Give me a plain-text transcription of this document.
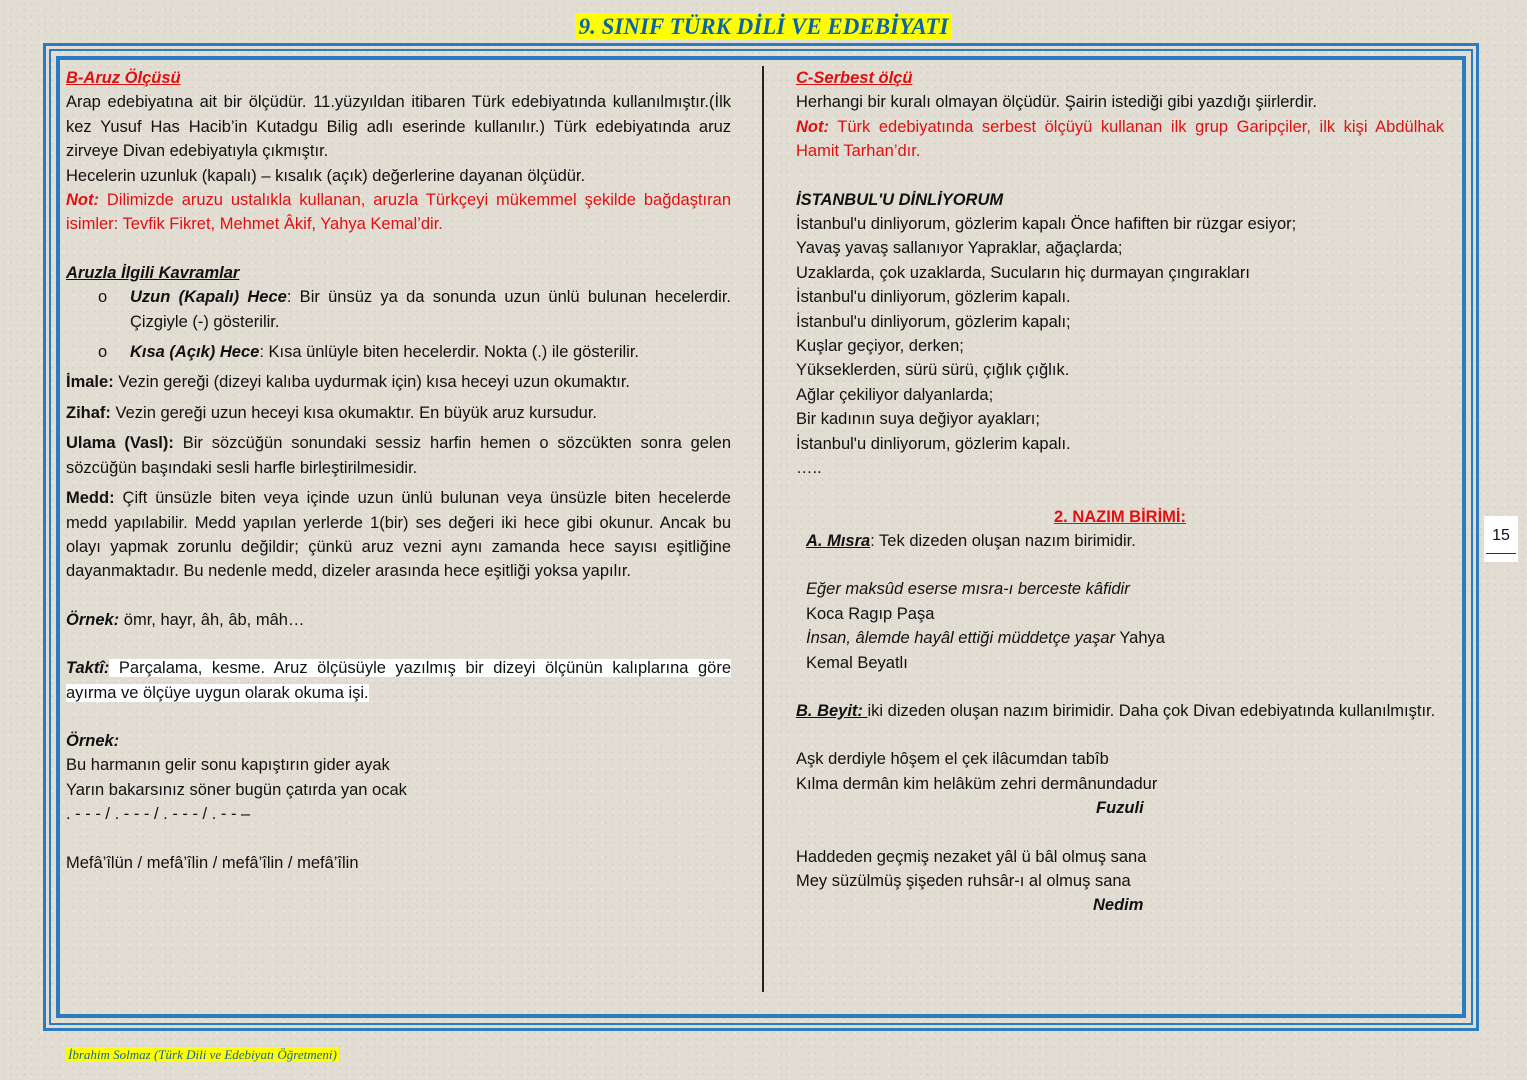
9. SINIF TÜRK DİLİ VE EDEBİYATI

B-Aruz Ölçüsü

Arap edebiyatına ait bir ölçüdür. 11.yüzyıldan itibaren Türk edebiyatında kullanılmıştır.(İlk kez Yusuf Has Hacib’in Kutadgu Bilig adlı eserinde kullanılır.) Türk edebiyatında aruz zirveye Divan edebiyatıyla çıkmıştır.

Hecelerin uzunluk (kapalı) – kısalık (açık) değerlerine dayanan ölçüdür.

Not: Dilimizde aruzu ustalıkla kullanan, aruzla Türkçeyi mükemmel şekilde bağdaştıran isimler: Tevfik Fikret, Mehmet Âkif, Yahya Kemal’dir.

Aruzla İlgili Kavramlar

o	Uzun (Kapalı) Hece: Bir ünsüz ya da sonunda uzun ünlü bulunan hecelerdir. Çizgiyle (-) gösterilir.
o	Kısa (Açık) Hece: Kısa ünlüyle biten hecelerdir. Nokta (.) ile gösterilir.

İmale: Vezin gereği (dizeyi kalıba uydurmak için) kısa heceyi uzun okumaktır.

Zihaf: Vezin gereği uzun heceyi kısa okumaktır. En büyük aruz kursudur.

Ulama (Vasl): Bir sözcüğün sonundaki sessiz harfin hemen o sözcükten sonra gelen sözcüğün başındaki sesli harfle birleştirilmesidir.

Medd: Çift ünsüzle biten veya içinde uzun ünlü bulunan veya ünsüzle biten hecelerde medd yapılabilir. Medd yapılan yerlerde 1(bir) ses değeri iki hece gibi okunur. Ancak bu olayı yapmak zorunlu değildir; çünkü aruz vezni aynı zamanda hece sayısı eşitliğine dayanmaktadır. Bu nedenle medd, dizeler arasında hece eşitliği yoksa yapılır.

Örnek: ömr, hayr, âh, âb, mâh…

Taktî: Parçalama, kesme. Aruz ölçüsüyle yazılmış bir dizeyi ölçünün kalıplarına göre ayırma ve ölçüye uygun olarak okuma işi.

Örnek:

Bu harmanın gelir sonu kapıştırın gider ayak

Yarın bakarsınız söner bugün çatırda yan ocak

. - - - / . - - - / . - - - / . - - –

Mefâ’îlün / mefâ’îlin / mefâ’îlin / mefâ’îlin

C-Serbest ölçü

Herhangi bir kuralı olmayan ölçüdür. Şairin istediği gibi yazdığı şiirlerdir.

Not: Türk edebiyatında serbest ölçüyü kullanan ilk grup Garipçiler, ilk kişi Abdülhak Hamit Tarhan’dır.

İSTANBUL'U DİNLİYORUM

İstanbul'u dinliyorum, gözlerim kapalı Önce hafiften bir rüzgar esiyor;

Yavaş yavaş sallanıyor Yapraklar, ağaçlarda;

Uzaklarda, çok uzaklarda, Sucuların hiç durmayan çıngırakları

İstanbul'u dinliyorum, gözlerim kapalı.

İstanbul'u dinliyorum, gözlerim kapalı;

Kuşlar geçiyor, derken;

Yükseklerden, sürü sürü, çığlık çığlık.

Ağlar çekiliyor dalyanlarda;

Bir kadının suya değiyor ayakları;

İstanbul'u dinliyorum, gözlerim kapalı.

…..

2. NAZIM BİRİMİ:

A. Mısra: Tek dizeden oluşan nazım birimidir.

Eğer maksûd eserse mısra-ı berceste kâfidir

Koca Ragıp Paşa

İnsan, âlemde hayâl ettiği müddetçe yaşar Yahya

Kemal Beyatlı

B. Beyit: iki dizeden oluşan nazım birimidir. Daha çok Divan edebiyatında kullanılmıştır.

Aşk derdiyle hôşem el çek ilâcumdan tabîb

Kılma dermân kim helâküm zehri dermânundadur

Fuzuli

Haddeden geçmiş nezaket yâl ü bâl olmuş sana

Mey süzülmüş şişeden ruhsâr-ı al olmuş sana

Nedim

15
İbrahim Solmaz (Türk Dili ve Edebiyatı Öğretmeni)
